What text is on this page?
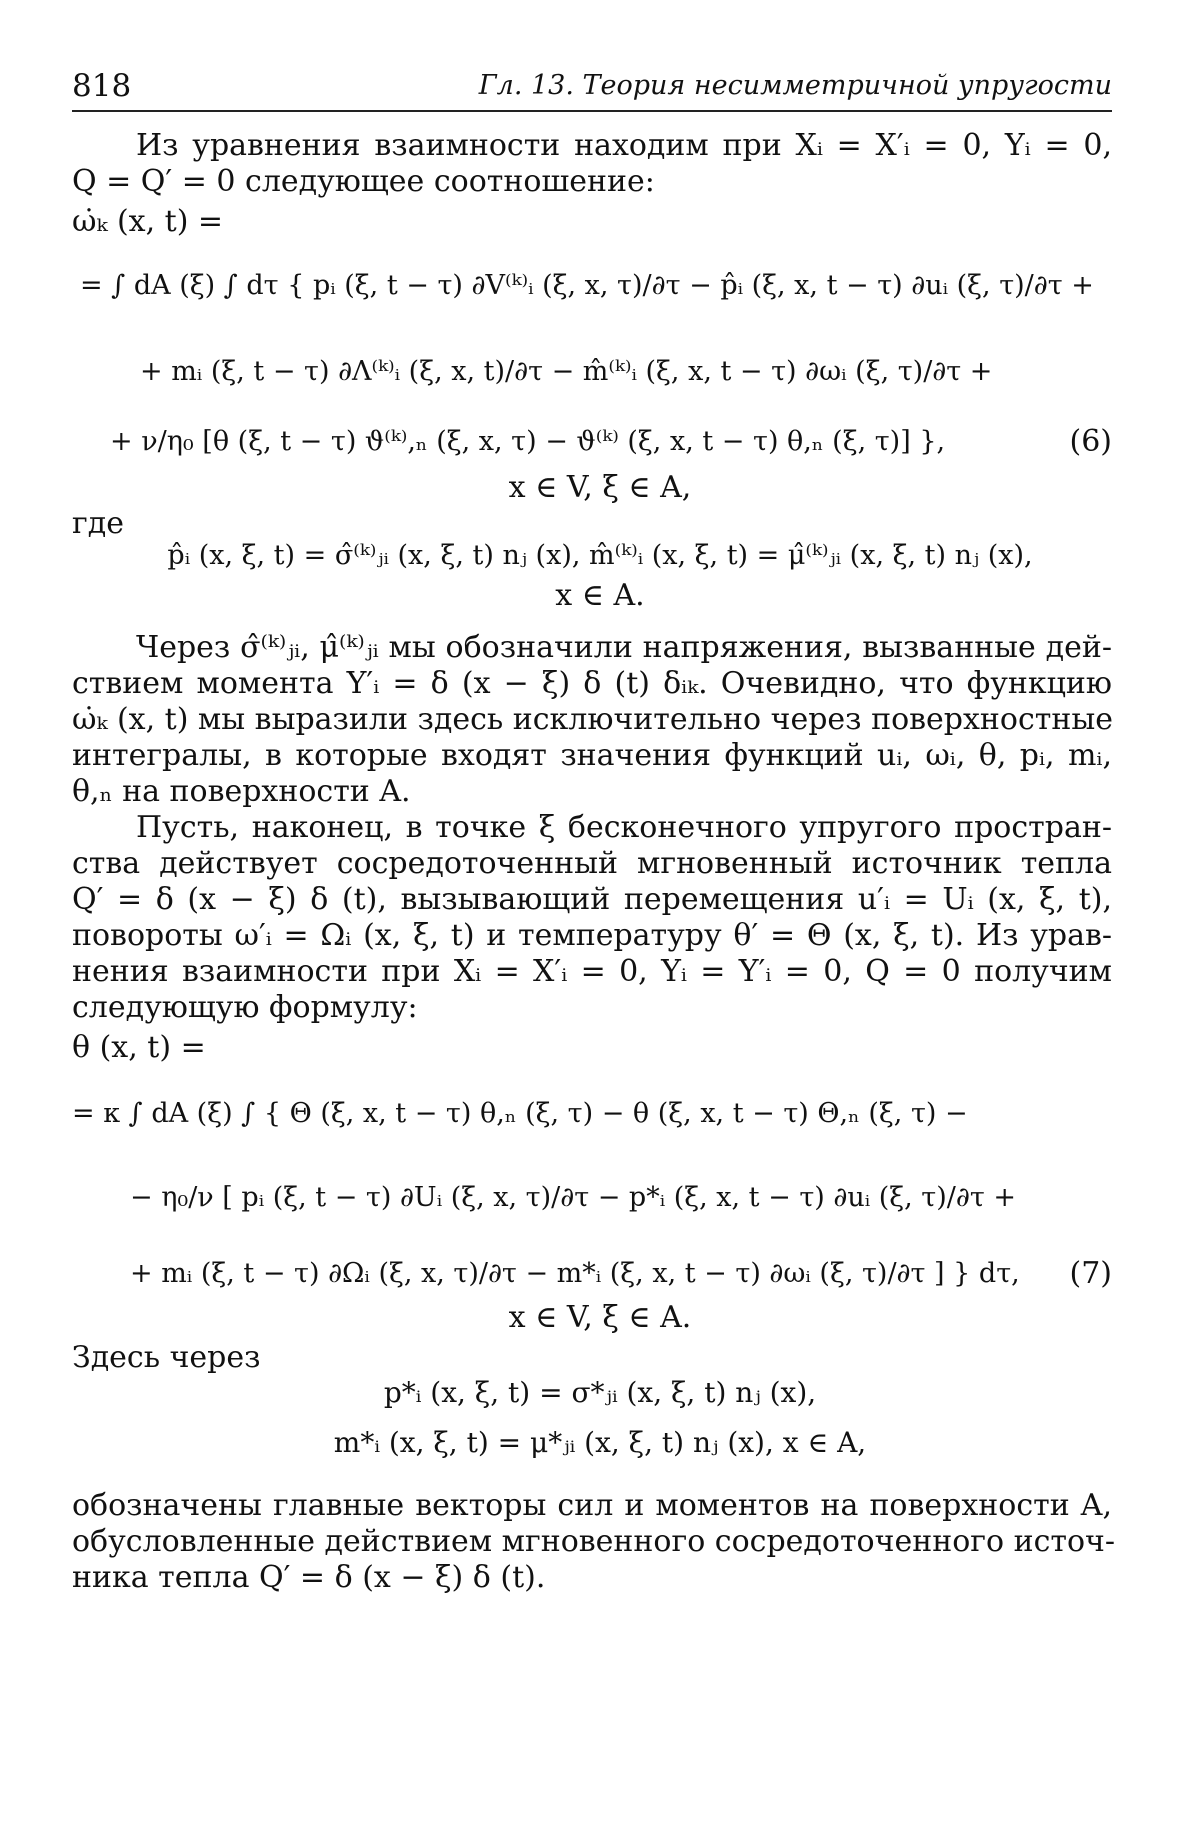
818	Гл. 13. Теория несимметричной упругости
Из уравнения взаимности находим при Xᵢ = X′ᵢ = 0, Yᵢ = 0,
Q = Q′ = 0 следующее соотношение:
ω̇ₖ (x, t) =
= ∫ dA (ξ) ∫ dτ { pᵢ (ξ, t − τ) ∂V⁽ᵏ⁾ᵢ (ξ, x, τ)/∂τ − p̂ᵢ (ξ, x, t − τ) ∂uᵢ (ξ, τ)/∂τ +
+ mᵢ (ξ, t − τ) ∂Λ⁽ᵏ⁾ᵢ (ξ, x, t)/∂τ − m̂⁽ᵏ⁾ᵢ (ξ, x, t − τ) ∂ωᵢ (ξ, τ)/∂τ +
+ ν/η₀ [θ (ξ, t − τ) ϑ⁽ᵏ⁾,ₙ (ξ, x, τ) − ϑ⁽ᵏ⁾ (ξ, x, t − τ) θ,ₙ (ξ, τ)] },	(6)
x ∈ V, ξ ∈ A,
где
p̂ᵢ (x, ξ, t) = σ̂⁽ᵏ⁾ⱼᵢ (x, ξ, t) nⱼ (x), m̂⁽ᵏ⁾ᵢ (x, ξ, t) = μ̂⁽ᵏ⁾ⱼᵢ (x, ξ, t) nⱼ (x),
x ∈ A.
Через σ̂⁽ᵏ⁾ⱼᵢ, μ̂⁽ᵏ⁾ⱼᵢ мы обозначили напряжения, вызванные дей-
ствием момента Y′ᵢ = δ (x − ξ) δ (t) δᵢₖ. Очевидно, что функцию
ω̇ₖ (x, t) мы выразили здесь исключительно через поверхностные
интегралы, в которые входят значения функций uᵢ, ωᵢ, θ, pᵢ, mᵢ,
θ,ₙ на поверхности A.
Пусть, наконец, в точке ξ бесконечного упругого простран-
ства действует сосредоточенный мгновенный источник тепла
Q′ = δ (x − ξ) δ (t), вызывающий перемещения u′ᵢ = Uᵢ (x, ξ, t),
повороты ω′ᵢ = Ωᵢ (x, ξ, t) и температуру θ′ = Θ (x, ξ, t). Из урав-
нения взаимности при Xᵢ = X′ᵢ = 0, Yᵢ = Y′ᵢ = 0, Q = 0 получим
следующую формулу:
θ (x, t) =
= κ ∫ dA (ξ) ∫ { Θ (ξ, x, t − τ) θ,ₙ (ξ, τ) − θ (ξ, x, t − τ) Θ,ₙ (ξ, τ) −
− η₀/ν [ pᵢ (ξ, t − τ) ∂Uᵢ (ξ, x, τ)/∂τ − p*ᵢ (ξ, x, t − τ) ∂uᵢ (ξ, τ)/∂τ +
+ mᵢ (ξ, t − τ) ∂Ωᵢ (ξ, x, τ)/∂τ − m*ᵢ (ξ, x, t − τ) ∂ωᵢ (ξ, τ)/∂τ ] } dτ, (7)
x ∈ V, ξ ∈ A.
Здесь через
p*ᵢ (x, ξ, t) = σ*ⱼᵢ (x, ξ, t) nⱼ (x),
m*ᵢ (x, ξ, t) = μ*ⱼᵢ (x, ξ, t) nⱼ (x), x ∈ A,
обозначены главные векторы сил и моментов на поверхности A,
обусловленные действием мгновенного сосредоточенного источ-
ника тепла Q′ = δ (x − ξ) δ (t).
